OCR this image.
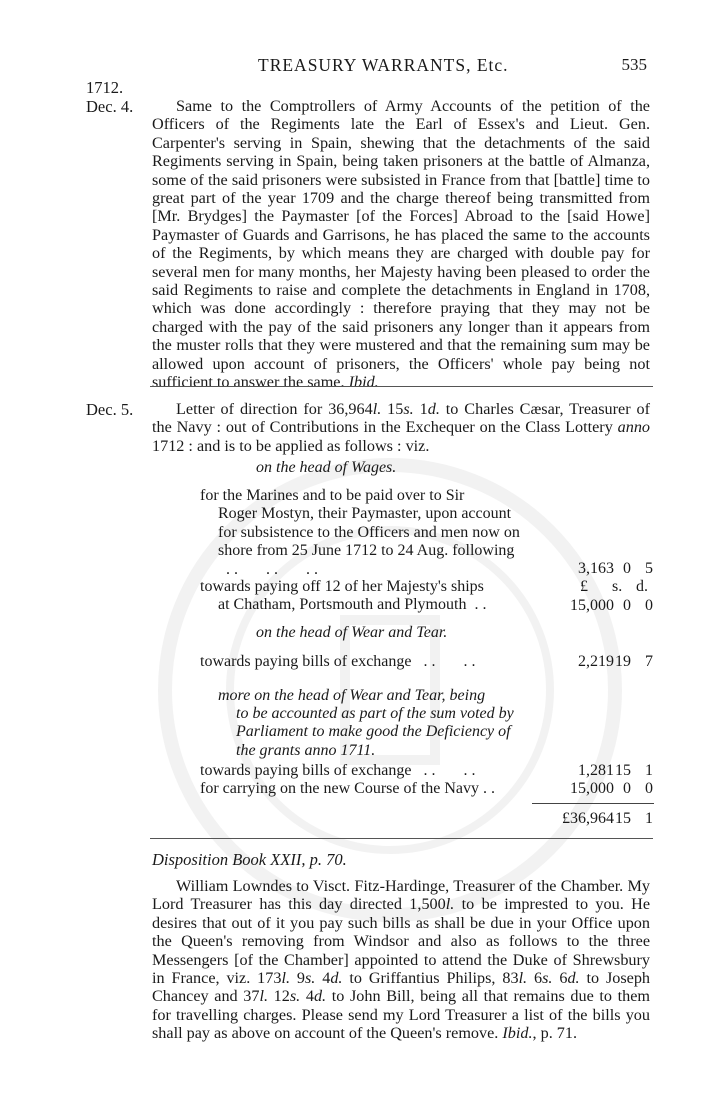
TREASURY WARRANTS, Etc.	535
1712.
Dec. 4.	Same to the Comptrollers of Army Accounts of the petition of the Officers of the Regiments late the Earl of Essex's and Lieut. Gen. Carpenter's serving in Spain, shewing that the detachments of the said Regiments serving in Spain, being taken prisoners at the battle of Almanza, some of the said prisoners were subsisted in France from that [battle] time to great part of the year 1709 and the charge thereof being transmitted from [Mr. Brydges] the Paymaster [of the Forces] Abroad to the [said Howe] Paymaster of Guards and Garrisons, he has placed the same to the accounts of the Regiments, by which means they are charged with double pay for several men for many months, her Majesty having been pleased to order the said Regiments to raise and complete the detachments in England in 1708, which was done accordingly : therefore praying that they may not be charged with the pay of the said prisoners any longer than it appears from the muster rolls that they were mustered and that the remaining sum may be allowed upon account of prisoners, the Officers' whole pay being not sufficient to answer the same. Ibid.
Dec. 5.	Letter of direction for 36,964l. 15s. 1d. to Charles Cæsar, Treasurer of the Navy : out of Contributions in the Exchequer on the Class Lottery anno 1712 : and is to be applied as follows : viz.
£ s. d.
on the head of Wages.
for the Marines and to be paid over to Sir
Roger Mostyn, their Paymaster, upon account for subsistence to the Officers and men now on shore from 25 June 1712 to 24 Aug. following  . .       . .       . .	3,163 0 5
towards paying off 12 of her Majesty's ships
at Chatham, Portsmouth and Plymouth  . .	15,000 0 0
on the head of Wear and Tear.
towards paying bills of exchange   . .       . .	2,219 19 7
more on the head of Wear and Tear, being
to be accounted as part of the sum voted by Parliament to make good the Deficiency of the grants anno 1711.
towards paying bills of exchange   . .       . .	1,281 15 1
for carrying on the new Course of the Navy . .	15,000 0 0
£36,964 15 1
Disposition Book XXII, p. 70.
William Lowndes to Visct. Fitz-Hardinge, Treasurer of the Chamber. My Lord Treasurer has this day directed 1,500l. to be imprested to you. He desires that out of it you pay such bills as shall be due in your Office upon the Queen's removing from Windsor and also as follows to the three Messengers [of the Chamber] appointed to attend the Duke of Shrewsbury in France, viz. 173l. 9s. 4d. to Griffantius Philips, 83l. 6s. 6d. to Joseph Chancey and 37l. 12s. 4d. to John Bill, being all that remains due to them for travelling charges. Please send my Lord Treasurer a list of the bills you shall pay as above on account of the Queen's remove. Ibid., p. 71.
